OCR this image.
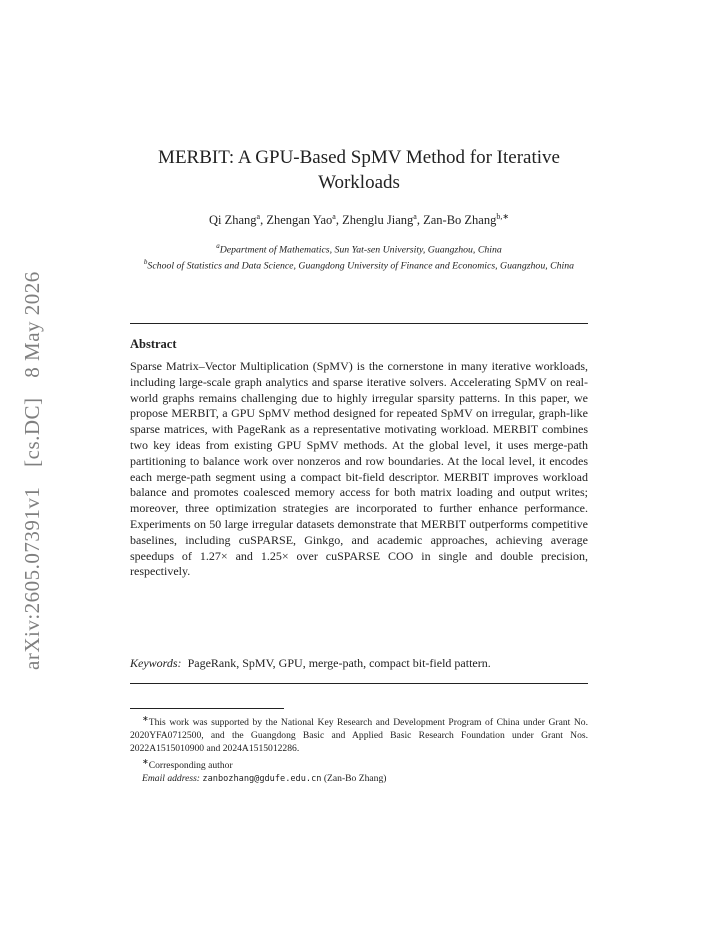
arXiv:2605.07391v1 [cs.DC] 8 May 2026
MERBIT: A GPU-Based SpMV Method for Iterative Workloads
Qi Zhang$^a$, Zhengan Yao$^a$, Zhenglu Jiang$^a$, Zan-Bo Zhang$^{b,∗}$
$^a$Department of Mathematics, Sun Yat-sen University, Guangzhou, China
$^b$School of Statistics and Data Science, Guangdong University of Finance and Economics, Guangzhou, China
Abstract
Sparse Matrix–Vector Multiplication (SpMV) is the cornerstone in many iterative workloads, including large-scale graph analytics and sparse iterative solvers. Accelerating SpMV on real-world graphs remains challenging due to highly irregular sparsity patterns. In this paper, we propose MERBIT, a GPU SpMV method designed for repeated SpMV on irregular, graph-like sparse matrices, with PageRank as a representative motivating workload. MERBIT combines two key ideas from existing GPU SpMV methods. At the global level, it uses merge-path partitioning to balance work over nonzeros and row boundaries. At the local level, it encodes each merge-path segment using a compact bit-field descriptor. MERBIT improves workload balance and promotes coalesced memory access for both matrix loading and output writes; moreover, three optimization strategies are incorporated to further enhance performance. Experiments on 50 large irregular datasets demonstrate that MERBIT outperforms competitive baselines, including cuSPARSE, Ginkgo, and academic approaches, achieving average speedups of 1.27× and 1.25× over cuSPARSE COO in single and double precision, respectively.
Keywords: PageRank, SpMV, GPU, merge-path, compact bit-field pattern.

∗This work was supported by the National Key Research and Development Program of China under Grant No. 2020YFA0712500, and the Guangdong Basic and Applied Basic Research Foundation under Grant Nos. 2022A1515010900 and 2024A1515012286.

∗Corresponding author

Email address: zanbozhang@gdufe.edu.cn (Zan-Bo Zhang)
